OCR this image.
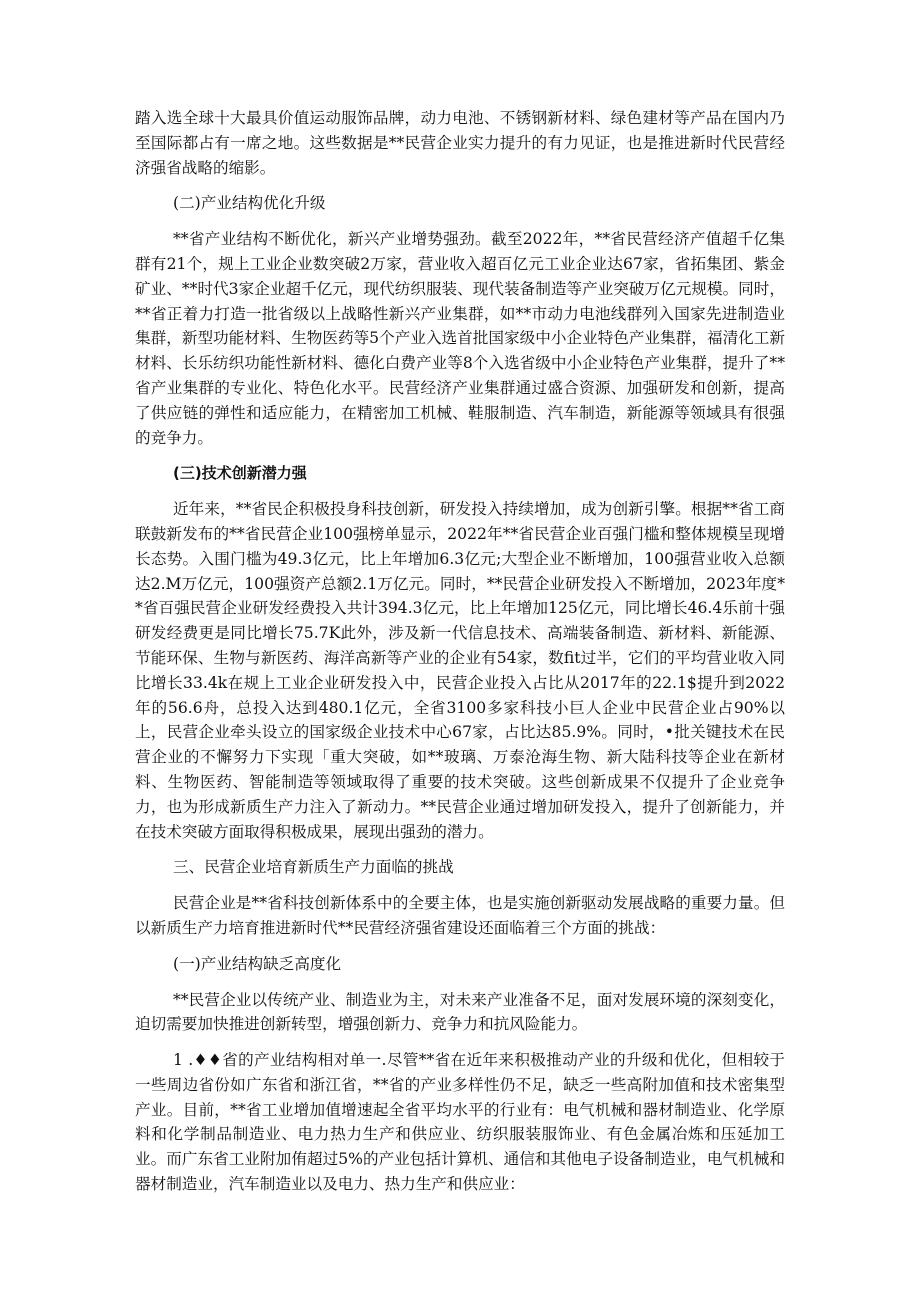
踏入选全球十大最具价值运动服饰品牌，动力电池、不锈钢新材料、绿色建材等产品在国内乃至国际都占有一席之地。这些数据是**民营企业实力提升的有力见证，也是推进新时代民营经济强省战略的缩影。

(二)产业结构优化升级

**省产业结构不断优化，新兴产业增势强劲。截至2022年，**省民营经济产值超千亿集群有21个，规上工业企业数突破2万家，营业收入超百亿元工业企业达67家，省拓集团、紫金矿业、**时代3家企业超千亿元，现代纺织服装、现代装备制造等产业突破万亿元规模。同时，**省正着力打造一批省级以上战略性新兴产业集群，如**市动力电池线群列入国家先进制造业集群，新型功能材料、生物医药等5个产业入选首批国家级中小企业特色产业集群，福清化工新材料、长乐纺织功能性新材料、德化白费产业等8个入选省级中小企业特色产业集群，提升了**省产业集群的专业化、特色化水平。民营经济产业集群通过盛合资源、加强研发和创新，提高了供应链的弹性和适应能力，在精密加工机械、鞋服制造、汽车制造，新能源等领域具有很强的竞争力。

(三)技术创新潜力强

近年来，**省民企积极投身科技创新，研发投入持续增加，成为创新引擎。根据**省工商联鼓新发布的**省民营企业100强榜单显示，2022年**省民营企业百强门槛和整体规模呈现增长态势。入围门槛为49.3亿元，比上年增加6.3亿元;大型企业不断增加，100强营业收入总额达2.M万亿元，100强资产总额2.1万亿元。同时，**民营企业研发投入不断增加，2023年度**省百强民营企业研发经费投入共计394.3亿元，比上年增加125亿元，同比增长46.4乐前十强研发经费更是同比增长75.7K此外，涉及新一代信息技术、高端装备制造、新材料、新能源、节能环保、生物与新医药、海洋高新等产业的企业有54家，数fit过半，它们的平均营业收入同比增长33.4k在规上工业企业研发投入中，民营企业投入占比从2017年的22.1$提升到2022年的56.6舟，总投入达到480.1亿元，全省3100多家科技小巨人企业中民营企业占90%以上，民营企业牵头设立的国家级企业技术中心67家，占比达85.9%。同时，•批关键技术在民营企业的不懈努力下实现「重大突破，如**玻璃、万泰沧海生物、新大陆科技等企业在新材料、生物医药、智能制造等领域取得了重要的技术突破。这些创新成果不仅提升了企业竞争力，也为形成新质生产力注入了新动力。**民营企业通过增加研发投入，提升了创新能力，并在技术突破方面取得积极成果，展现出强劲的潜力。

三、民营企业培育新质生产力面临的挑战

民营企业是**省科技创新体系中的全要主体，也是实施创新驱动发展战略的重要力量。但以新质生产力培育推进新时代**民营经济强省建设还面临着三个方面的挑战：

(一)产业结构缺乏高度化

**民营企业以传统产业、制造业为主，对未来产业准备不足，面对发展环境的深刻变化，迫切需要加快推进创新转型，增强创新力、竞争力和抗风险能力。

1 .♦♦省的产业结构相对单一.尽管**省在近年来积极推动产业的升级和优化，但相较于一些周边省份如广东省和浙江省，**省的产业多样性仍不足，缺乏一些高附加值和技术密集型产业。目前，**省工业增加值增速起全省平均水平的行业有：电气机械和器材制造业、化学原料和化学制品制造业、电力热力生产和供应业、纺织服装服饰业、有色金属冶炼和压延加工业。而广东省工业附加侑超过5%的产业包括计算机、通信和其他电子设备制造业，电气机械和器材制造业，汽车制造业以及电力、热力生产和供应业：
